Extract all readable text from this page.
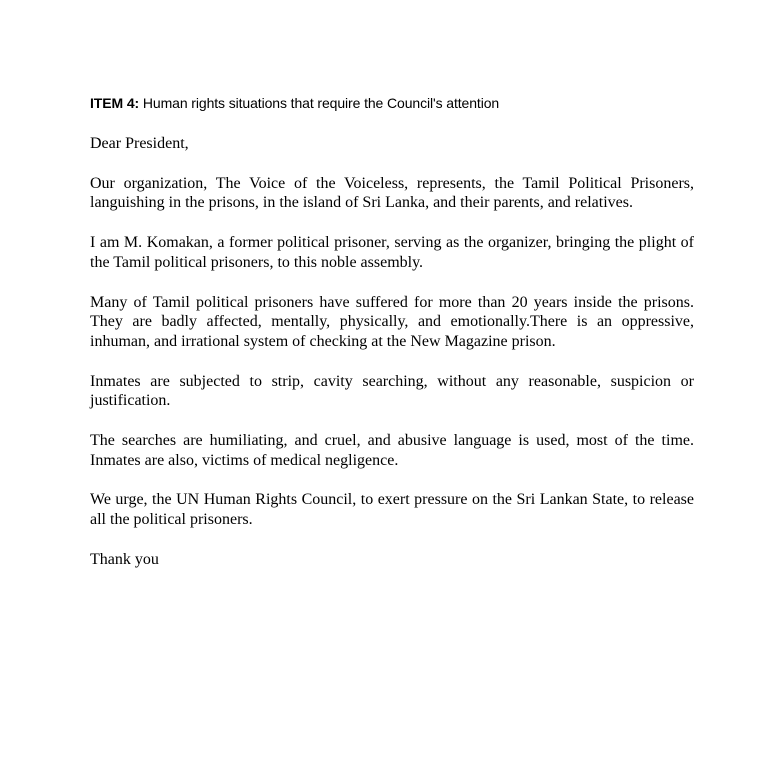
ITEM 4: Human rights situations that require the Council's attention

Dear President,

Our organization, The Voice of the Voiceless, represents, the Tamil Political Prisoners, languishing in the prisons, in the island of Sri Lanka, and their parents, and relatives.

I am M. Komakan, a former political prisoner, serving as the organizer, bringing the plight of the Tamil political prisoners, to this noble assembly.

Many of Tamil political prisoners have suffered for more than 20 years inside the prisons. They are badly affected, mentally, physically, and emotionally.There is an oppressive, inhuman, and irrational system of checking at the New Magazine prison.

Inmates are subjected to strip, cavity searching, without any reasonable, suspicion or justification.

The searches are humiliating, and cruel, and abusive language is used, most of the time. Inmates are also, victims of medical negligence.

We urge, the UN Human Rights Council, to exert pressure on the Sri Lankan State, to release all the political prisoners.

Thank you
